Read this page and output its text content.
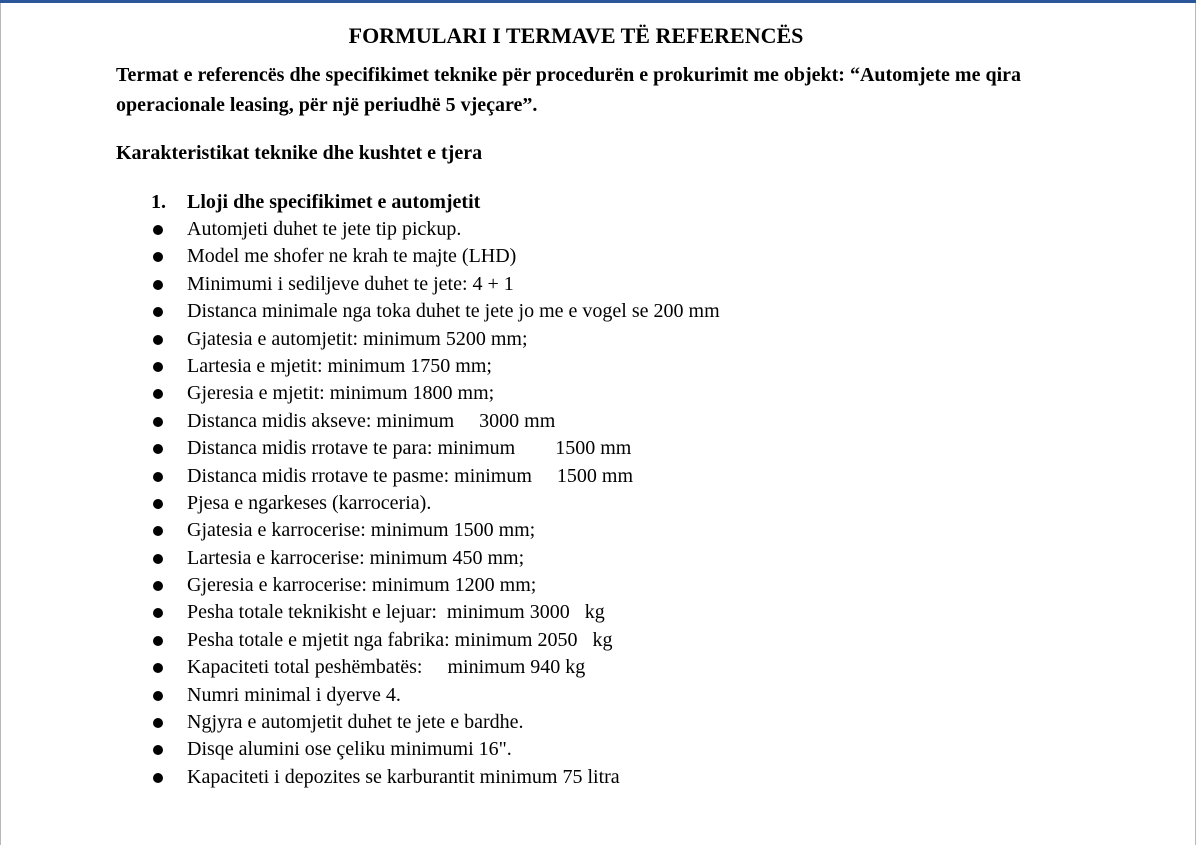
FORMULARI I TERMAVE TË REFERENCËS
Termat e referencës dhe specifikimet teknike për procedurën e prokurimit me objekt: “Automjete me qira operacionale leasing, për një periudhë 5 vjeçare”.
Karakteristikat teknike dhe kushtet e tjera
1. Lloji dhe specifikimet e automjetit
Automjeti duhet te jete tip pickup.
Model me shofer ne krah te majte (LHD)
Minimumi i sediljeve duhet te jete: 4 + 1
Distanca minimale nga toka duhet te jete jo me e vogel se 200 mm
Gjatesia e automjetit: minimum 5200 mm;
Lartesia e mjetit: minimum 1750 mm;
Gjeresia e mjetit: minimum 1800 mm;
Distanca midis akseve: minimum     3000 mm
Distanca midis rrotave te para: minimum        1500 mm
Distanca midis rrotave te pasme: minimum     1500 mm
Pjesa e ngarkeses (karroceria).
Gjatesia e karrocerise: minimum 1500 mm;
Lartesia e karrocerise: minimum 450 mm;
Gjeresia e karrocerise: minimum 1200 mm;
Pesha totale teknikisht e lejuar:  minimum 3000   kg
Pesha totale e mjetit nga fabrika: minimum 2050   kg
Kapaciteti total peshëmbatës:     minimum 940 kg
Numri minimal i dyerve 4.
Ngjyra e automjetit duhet te jete e bardhe.
Disqe alumini ose çeliku minimumi 16".
Kapaciteti i depozites se karburantit minimum 75 litra
